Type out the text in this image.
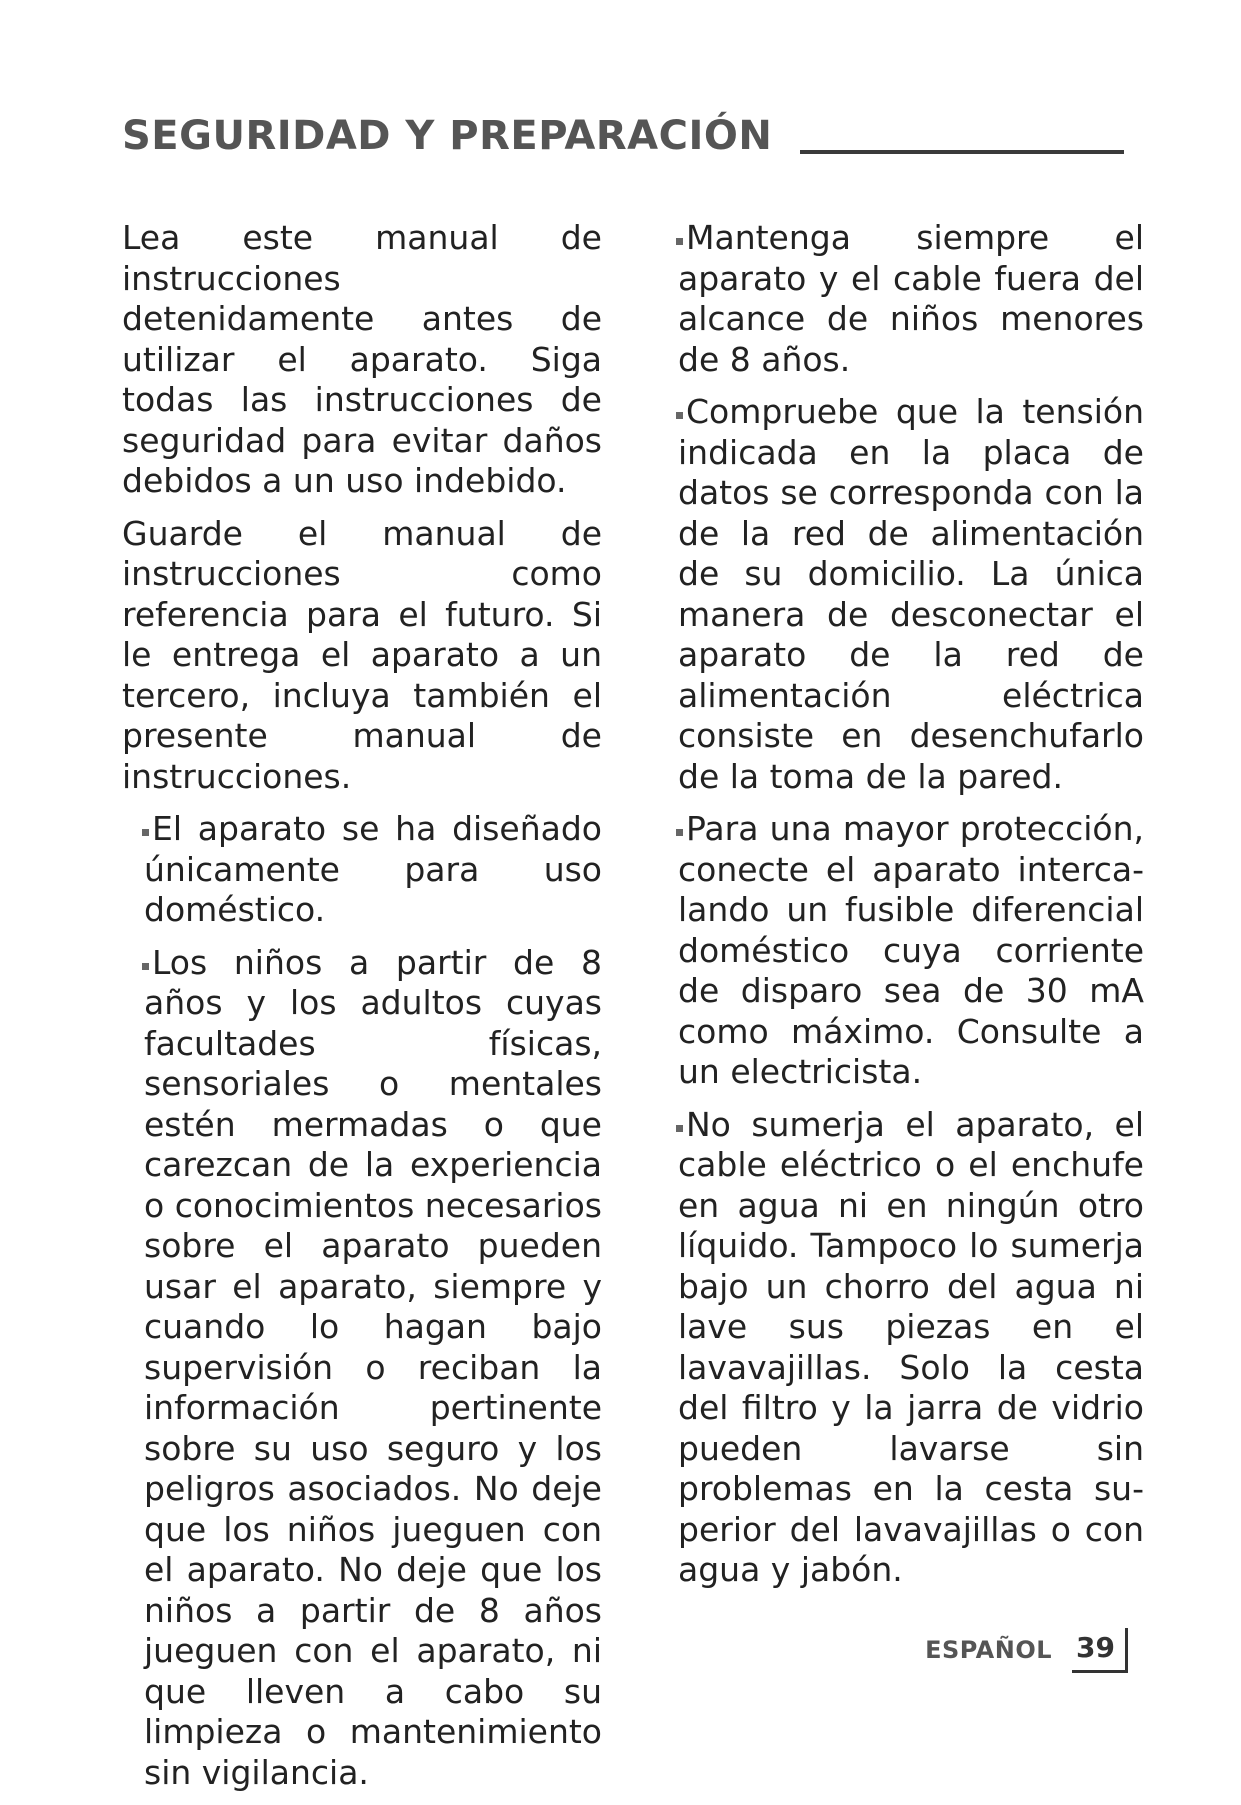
SEGURIDAD Y PREPARACIÓN

Lea este manual de instrucciones detenidamente antes de utilizar el aparato. Siga todas las instrucciones de seguridad para evitar daños debidos a un uso indebido.

Guarde el manual de instrucciones como referencia para el futuro. Si le entrega el aparato a un tercero, incluya también el presente manual de instrucciones.

El aparato se ha diseñado únicamente para uso doméstico.
Los niños a partir de 8 años y los adultos cuyas facultades físicas, sensoriales o mentales estén mermadas o que carezcan de la experiencia o conocimientos necesarios sobre el aparato pueden usar el aparato, siempre y cuando lo hagan bajo supervisión o reciban la información pertinente sobre su uso seguro y los peligros asociados. No deje que los niños jueguen con el aparato. No deje que los niños a partir de 8 años jueguen con el aparato, ni que lleven a cabo su limpieza o mantenimiento sin vigilancia.
Mantenga siempre el aparato y el cable fuera del alcance de niños menores de 8 años.
Compruebe que la tensión indicada en la placa de datos se corresponda con la de la red de alimentación de su domicilio. La única manera de desconectar el aparato de la red de alimentación eléctrica consiste en desenchufarlo de la toma de la pared.
Para una mayor protección, conecte el aparato intercalando un fusible diferencial doméstico cuya corriente de disparo sea de 30 mA como máximo. Consulte a un electricista.
No sumerja el aparato, el cable eléctrico o el enchufe en agua ni en ningún otro líquido. Tampoco lo sumerja bajo un chorro del agua ni lave sus piezas en el lavavajillas. Solo la cesta del filtro y la jarra de vidrio pueden lavarse sin problemas en la cesta superior del lavavajillas o con agua y jabón.
ESPAÑOL 39
